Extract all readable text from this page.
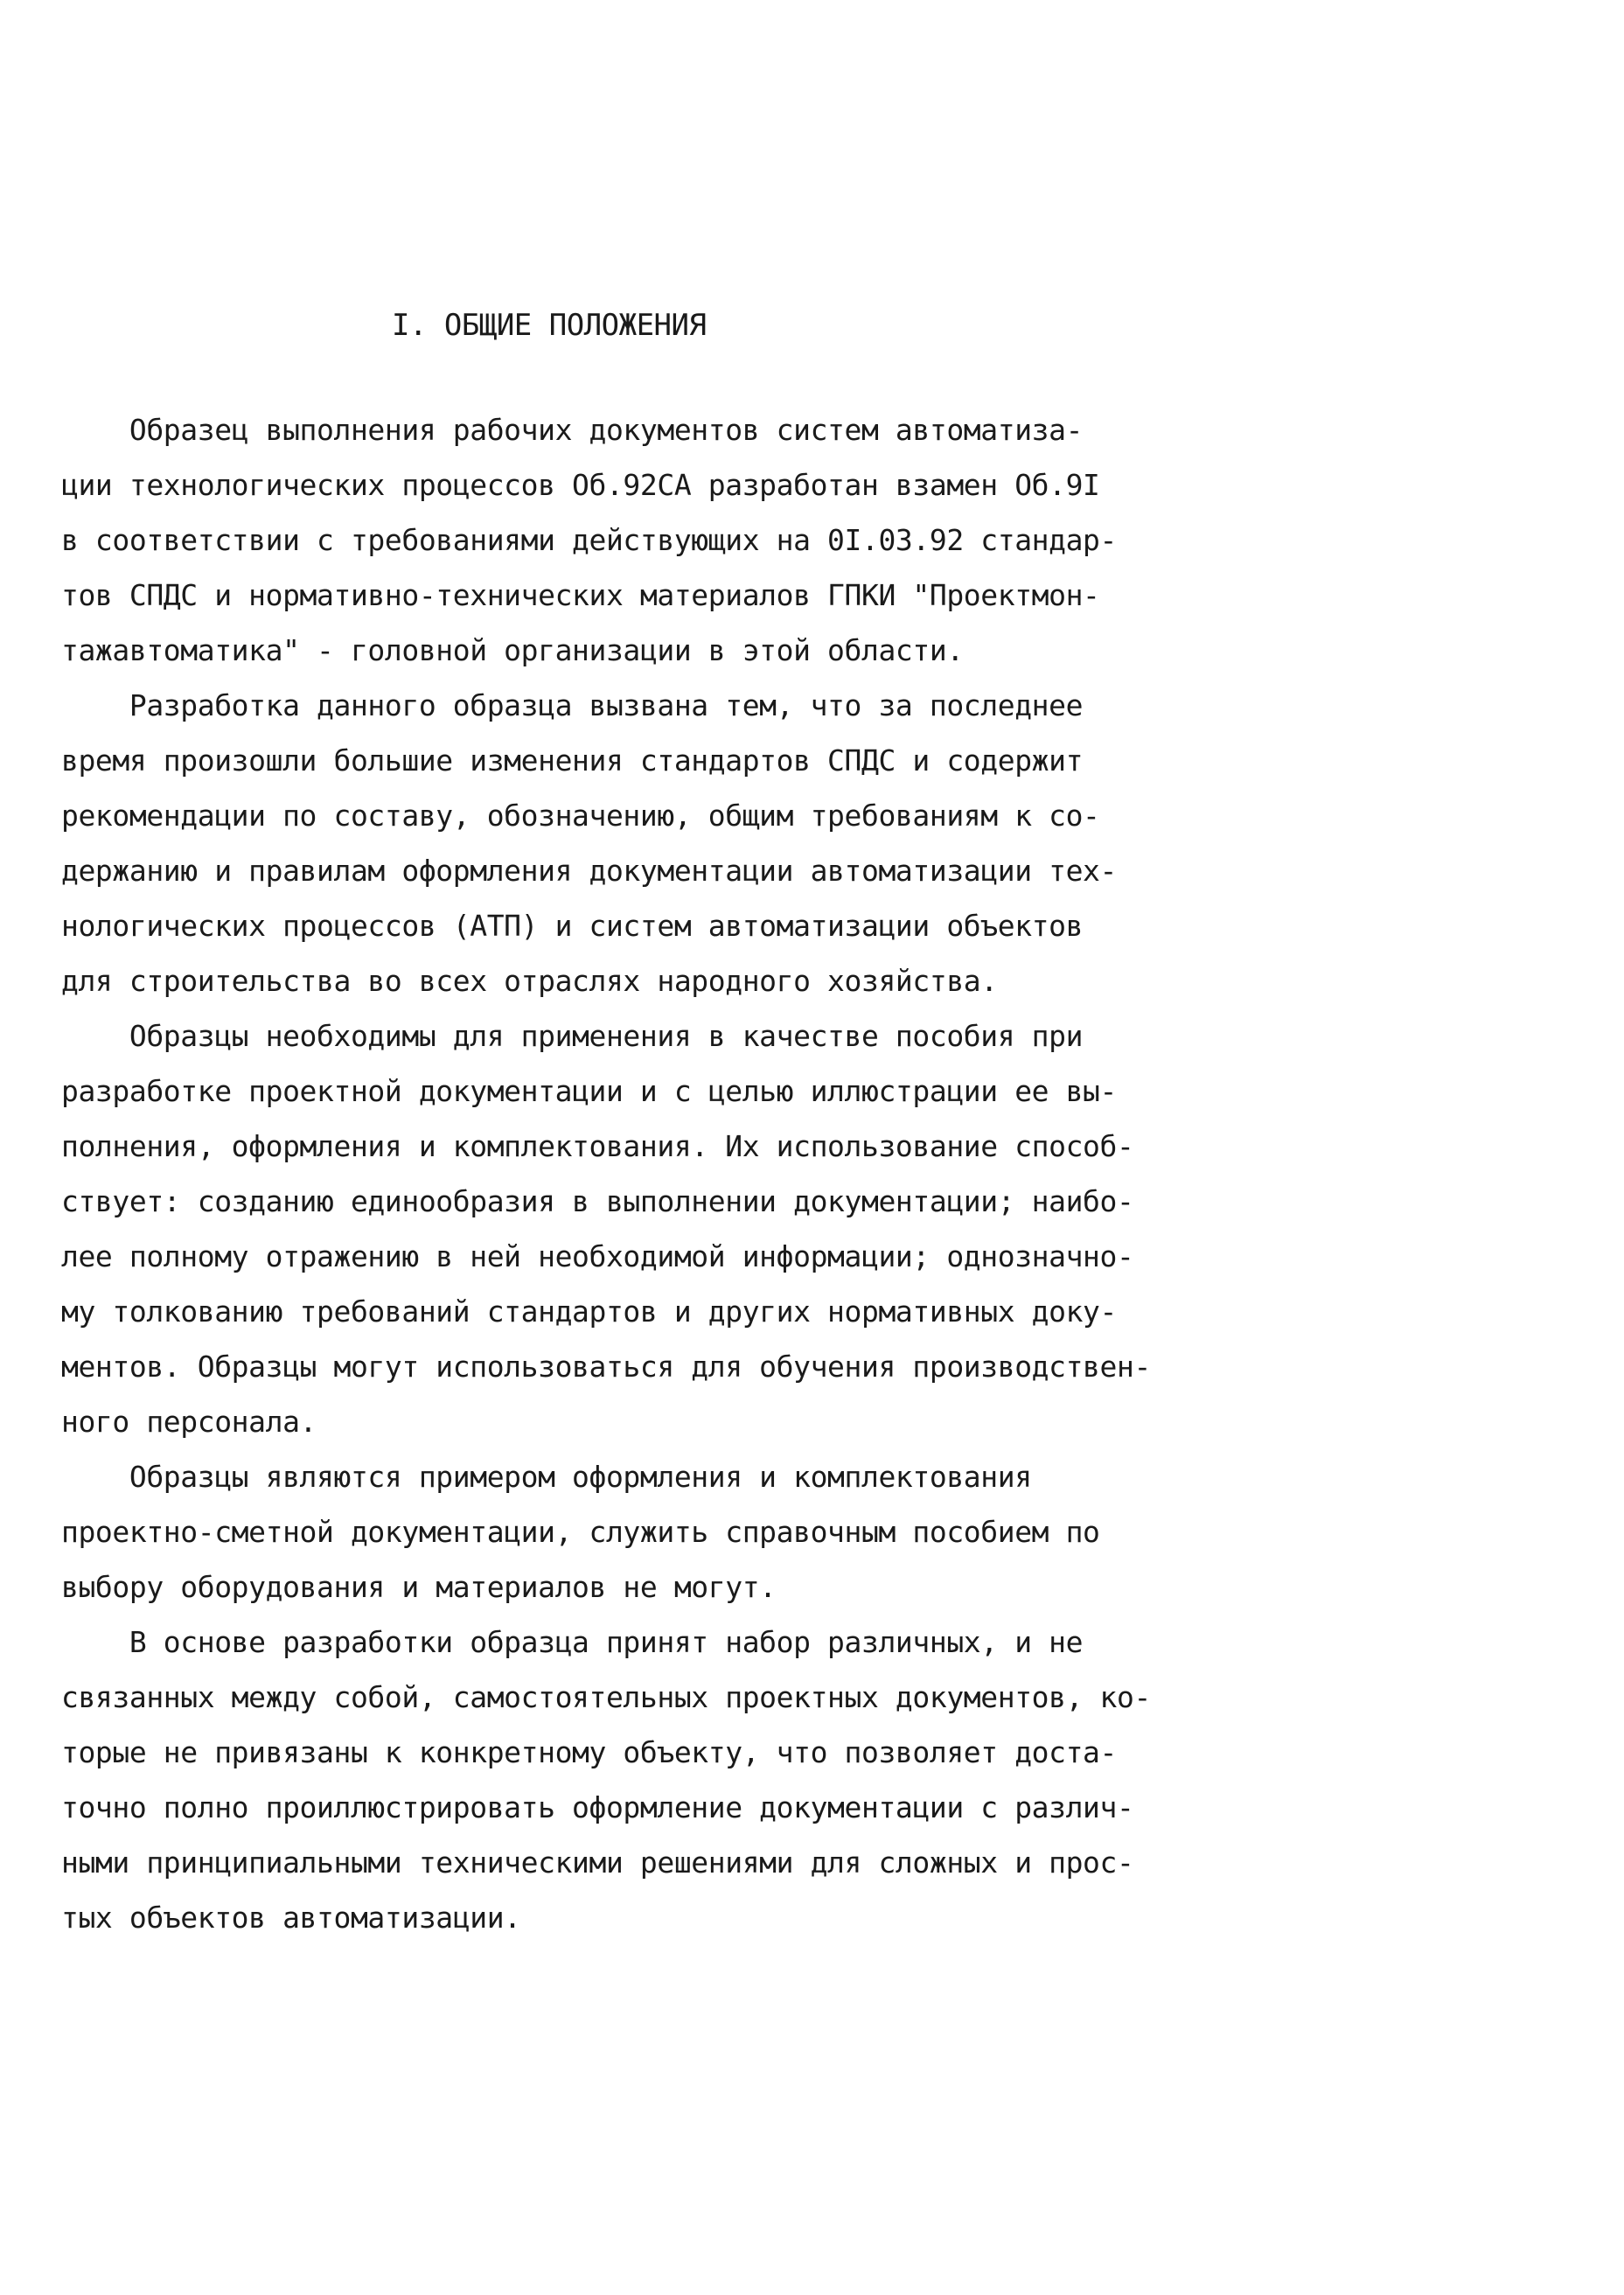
I. ОБЩИЕ ПОЛОЖЕНИЯ
Образец выполнения рабочих документов систем автоматиза-
ции технологических процессов Об.92СА разработан взамен Об.9I
в соответствии с требованиями действующих на 0I.03.92 стандар-
тов СПДС и нормативно-технических материалов ГПКИ "Проектмон-
тажавтоматика" - головной организации в этой области.
Разработка данного образца вызвана тем, что за последнее
время произошли большие изменения стандартов СПДС и содержит
рекомендации по составу, обозначению, общим требованиям к со-
держанию и правилам оформления документации автоматизации тех-
нологических процессов (АТП) и систем автоматизации объектов
для строительства во всех отраслях народного хозяйства.
Образцы необходимы для применения в качестве пособия при
разработке проектной документации и с целью иллюстрации ее вы-
полнения, оформления и комплектования. Их использование способ-
ствует: созданию единообразия в выполнении документации; наибо-
лее полному отражению в ней необходимой информации; однозначно-
му толкованию требований стандартов и других нормативных доку-
ментов. Образцы могут использоваться для обучения производствен-
ного персонала.
Образцы являются примером оформления и комплектования
проектно-сметной документации, служить справочным пособием по
выбору оборудования и материалов не могут.
В основе разработки образца принят набор различных, и не
связанных между собой, самостоятельных проектных документов, ко-
торые не привязаны к конкретному объекту, что позволяет доста-
точно полно проиллюстрировать оформление документации с различ-
ными принципиальными техническими решениями для сложных и прос-
тых объектов автоматизации.
